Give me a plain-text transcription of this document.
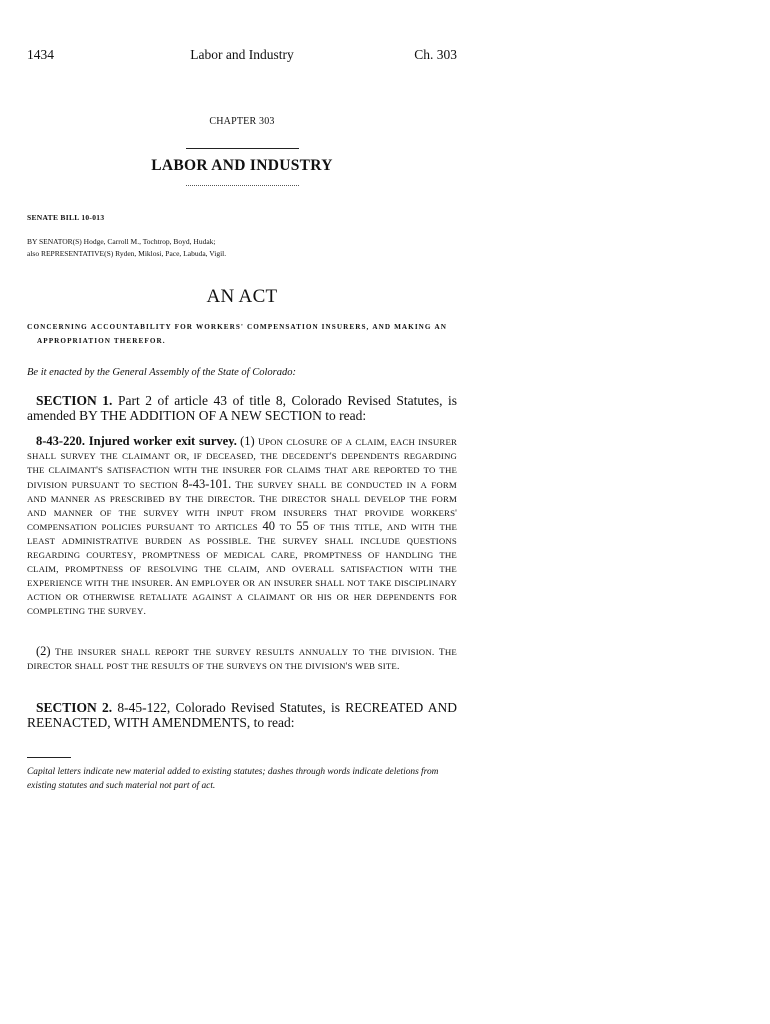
1434	Labor and Industry	Ch. 303
CHAPTER 303
LABOR AND INDUSTRY
SENATE BILL 10-013
BY SENATOR(S) Hodge, Carroll M., Tochtrop, Boyd, Hudak;
also REPRESENTATIVE(S) Ryden, Miklosi, Pace, Labuda, Vigil.
AN ACT
CONCERNING ACCOUNTABILITY FOR WORKERS' COMPENSATION INSURERS, AND MAKING AN
APPROPRIATION THEREFOR.
Be it enacted by the General Assembly of the State of Colorado:
SECTION 1. Part 2 of article 43 of title 8, Colorado Revised Statutes, is amended BY THE ADDITION OF A NEW SECTION to read:
8-43-220. Injured worker exit survey. (1) UPON CLOSURE OF A CLAIM, EACH INSURER SHALL SURVEY THE CLAIMANT OR, IF DECEASED, THE DECEDENT'S DEPENDENTS REGARDING THE CLAIMANT'S SATISFACTION WITH THE INSURER FOR CLAIMS THAT ARE REPORTED TO THE DIVISION PURSUANT TO SECTION 8-43-101. THE SURVEY SHALL BE CONDUCTED IN A FORM AND MANNER AS PRESCRIBED BY THE DIRECTOR. THE DIRECTOR SHALL DEVELOP THE FORM AND MANNER OF THE SURVEY WITH INPUT FROM INSURERS THAT PROVIDE WORKERS' COMPENSATION POLICIES PURSUANT TO ARTICLES 40 TO 55 OF THIS TITLE, AND WITH THE LEAST ADMINISTRATIVE BURDEN AS POSSIBLE. THE SURVEY SHALL INCLUDE QUESTIONS REGARDING COURTESY, PROMPTNESS OF MEDICAL CARE, PROMPTNESS OF HANDLING THE CLAIM, PROMPTNESS OF RESOLVING THE CLAIM, AND OVERALL SATISFACTION WITH THE EXPERIENCE WITH THE INSURER. AN EMPLOYER OR AN INSURER SHALL NOT TAKE DISCIPLINARY ACTION OR OTHERWISE RETALIATE AGAINST A CLAIMANT OR HIS OR HER DEPENDENTS FOR COMPLETING THE SURVEY.
(2) THE INSURER SHALL REPORT THE SURVEY RESULTS ANNUALLY TO THE DIVISION. THE DIRECTOR SHALL POST THE RESULTS OF THE SURVEYS ON THE DIVISION'S WEB SITE.
SECTION 2. 8-45-122, Colorado Revised Statutes, is RECREATED AND REENACTED, WITH AMENDMENTS, to read:
Capital letters indicate new material added to existing statutes; dashes through words indicate deletions from existing statutes and such material not part of act.
